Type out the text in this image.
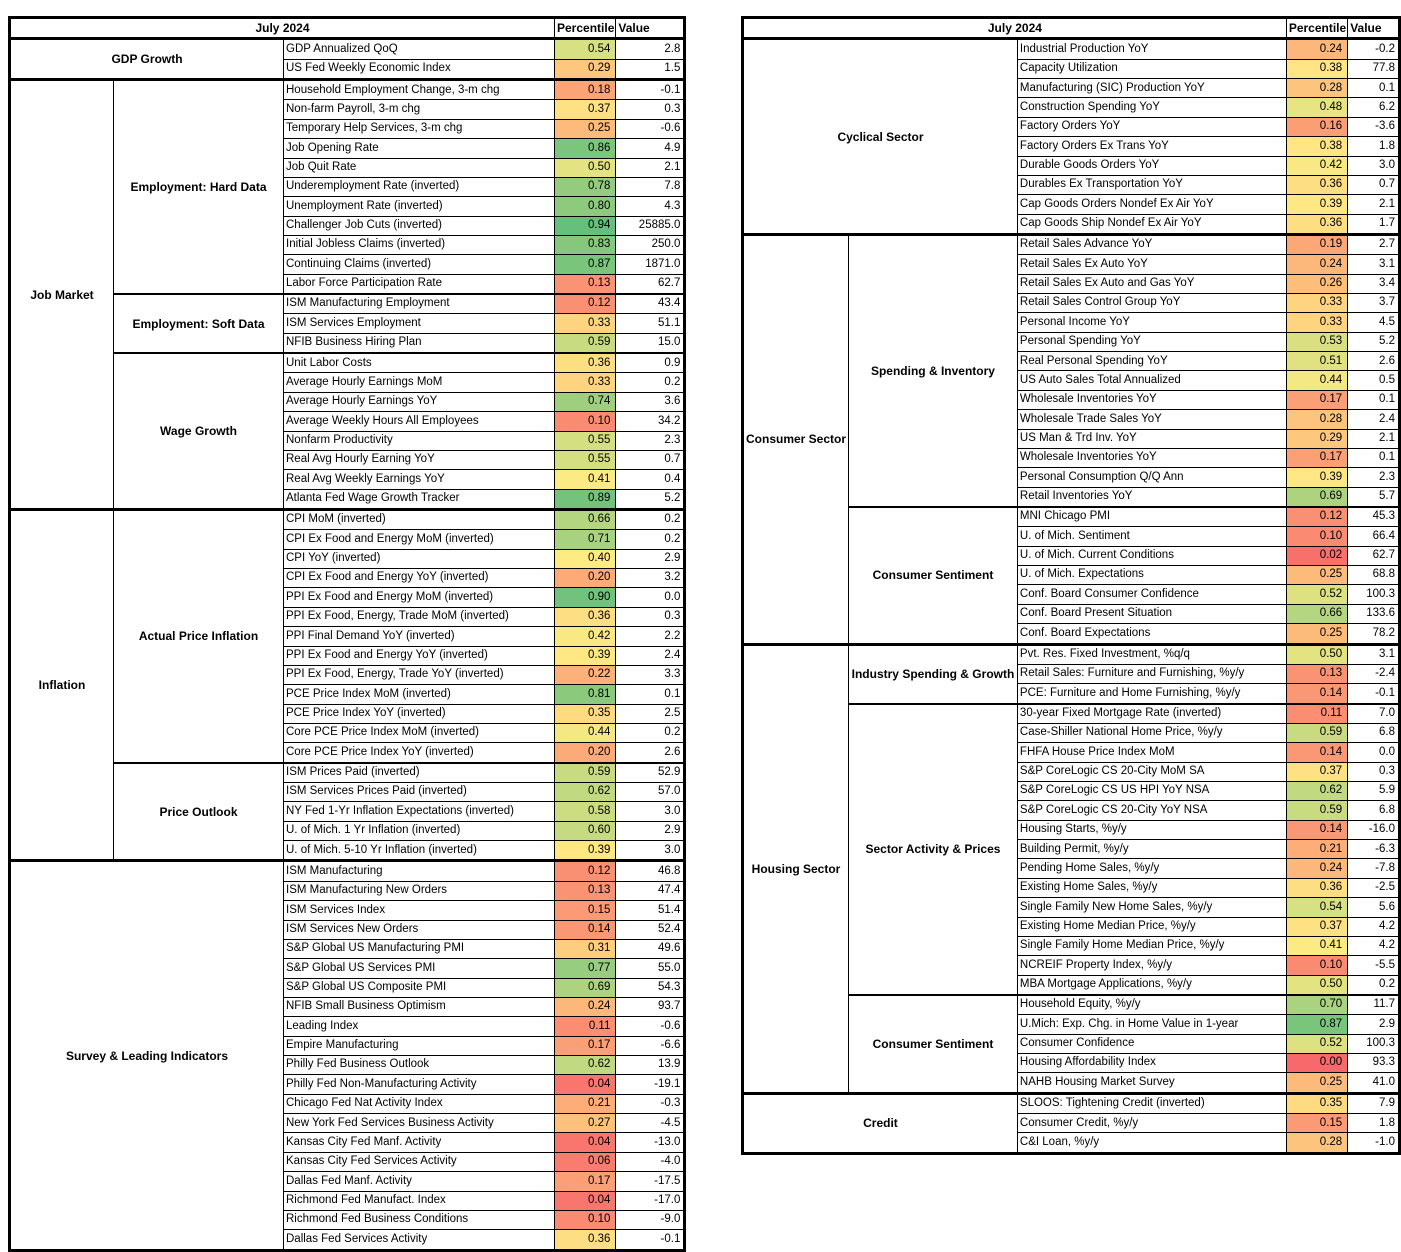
July 2024			Percentile	Value
GDP Growth		GDP Annualized QoQ	0.54	2.8
		US Fed Weekly Economic Index	0.29	1.5
Job Market	Employment: Hard Data	Household Employment Change, 3-m chg	0.18	-0.1
		Non-farm Payroll, 3-m chg	0.37	0.3
		Temporary Help Services, 3-m chg	0.25	-0.6
		Job Opening Rate	0.86	4.9
		Job Quit Rate	0.50	2.1
		Underemployment Rate (inverted)	0.78	7.8
		Unemployment Rate (inverted)	0.80	4.3
		Challenger Job Cuts (inverted)	0.94	25885.0
		Initial Jobless Claims (inverted)	0.83	250.0
		Continuing Claims (inverted)	0.87	1871.0
		Labor Force Participation Rate	0.13	62.7
	Employment: Soft Data	ISM Manufacturing Employment	0.12	43.4
		ISM Services Employment	0.33	51.1
		NFIB Business Hiring Plan	0.59	15.0
	Wage Growth	Unit Labor Costs	0.36	0.9
		Average Hourly Earnings MoM	0.33	0.2
		Average Hourly Earnings YoY	0.74	3.6
		Average Weekly Hours All Employees	0.10	34.2
		Nonfarm Productivity	0.55	2.3
		Real Avg Hourly Earning YoY	0.55	0.7
		Real Avg Weekly Earnings YoY	0.41	0.4
		Atlanta Fed Wage Growth Tracker	0.89	5.2
Inflation	Actual Price Inflation	CPI MoM (inverted)	0.66	0.2
		CPI Ex Food and Energy MoM (inverted)	0.71	0.2
		CPI YoY (inverted)	0.40	2.9
		CPI Ex Food and Energy YoY (inverted)	0.20	3.2
		PPI Ex Food and Energy MoM (inverted)	0.90	0.0
		PPI Ex Food, Energy, Trade MoM (inverted)	0.36	0.3
		PPI Final Demand YoY (inverted)	0.42	2.2
		PPI Ex Food and Energy YoY (inverted)	0.39	2.4
		PPI Ex Food, Energy, Trade YoY (inverted)	0.22	3.3
		PCE Price Index MoM (inverted)	0.81	0.1
		PCE Price Index YoY (inverted)	0.35	2.5
		Core PCE Price Index MoM (inverted)	0.44	0.2
		Core PCE Price Index YoY (inverted)	0.20	2.6
	Price Outlook	ISM Prices Paid (inverted)	0.59	52.9
		ISM Services Prices Paid (inverted)	0.62	57.0
		NY Fed 1-Yr Inflation Expectations (inverted)	0.58	3.0
		U. of Mich. 1 Yr Inflation (inverted)	0.60	2.9
		U. of Mich. 5-10 Yr Inflation (inverted)	0.39	3.0
Survey & Leading Indicators		ISM Manufacturing	0.12	46.8
		ISM Manufacturing New Orders	0.13	47.4
		ISM Services Index	0.15	51.4
		ISM Services New Orders	0.14	52.4
		S&P Global US Manufacturing PMI	0.31	49.6
		S&P Global US Services PMI	0.77	55.0
		S&P Global US Composite PMI	0.69	54.3
		NFIB Small Business Optimism	0.24	93.7
		Leading Index	0.11	-0.6
		Empire Manufacturing	0.17	-6.6
		Philly Fed Business Outlook	0.62	13.9
		Philly Fed Non-Manufacturing Activity	0.04	-19.1
		Chicago Fed Nat Activity Index	0.21	-0.3
		New York Fed Services Business Activity	0.27	-4.5
		Kansas City Fed Manf. Activity	0.04	-13.0
		Kansas City Fed Services Activity	0.06	-4.0
		Dallas Fed Manf. Activity	0.17	-17.5
		Richmond Fed Manufact. Index	0.04	-17.0
		Richmond Fed Business Conditions	0.10	-9.0
		Dallas Fed Services Activity	0.36	-0.1
July 2024			Percentile	Value
Cyclical Sector		Industrial Production YoY	0.24	-0.2
		Capacity Utilization	0.38	77.8
		Manufacturing (SIC) Production YoY	0.28	0.1
		Construction Spending YoY	0.48	6.2
		Factory Orders YoY	0.16	-3.6
		Factory Orders Ex Trans YoY	0.38	1.8
		Durable Goods Orders YoY	0.42	3.0
		Durables Ex Transportation YoY	0.36	0.7
		Cap Goods Orders Nondef Ex Air YoY	0.39	2.1
		Cap Goods Ship Nondef Ex Air YoY	0.36	1.7
Consumer Sector	Spending & Inventory	Retail Sales Advance YoY	0.19	2.7
		Retail Sales Ex Auto YoY	0.24	3.1
		Retail Sales Ex Auto and Gas YoY	0.26	3.4
		Retail Sales Control Group YoY	0.33	3.7
		Personal Income YoY	0.33	4.5
		Personal Spending YoY	0.53	5.2
		Real Personal Spending YoY	0.51	2.6
		US Auto Sales Total Annualized	0.44	0.5
		Wholesale Inventories YoY	0.17	0.1
		Wholesale Trade Sales YoY	0.28	2.4
		US Man & Trd Inv. YoY	0.29	2.1
		Wholesale Inventories YoY	0.17	0.1
		Personal Consumption Q/Q Ann	0.39	2.3
		Retail Inventories YoY	0.69	5.7
	Consumer Sentiment	MNI Chicago PMI	0.12	45.3
		U. of Mich. Sentiment	0.10	66.4
		U. of Mich. Current Conditions	0.02	62.7
		U. of Mich. Expectations	0.25	68.8
		Conf. Board Consumer Confidence	0.52	100.3
		Conf. Board Present Situation	0.66	133.6
		Conf. Board Expectations	0.25	78.2
Housing Sector	Industry Spending & Growth	Pvt. Res. Fixed Investment, %q/q	0.50	3.1
		Retail Sales: Furniture and Furnishing, %y/y	0.13	-2.4
		PCE: Furniture and Home Furnishing, %y/y	0.14	-0.1
	Sector Activity & Prices	30-year Fixed Mortgage Rate (inverted)	0.11	7.0
		Case-Shiller National Home Price, %y/y	0.59	6.8
		FHFA House Price Index MoM	0.14	0.0
		S&P CoreLogic CS 20-City MoM SA	0.37	0.3
		S&P CoreLogic CS US HPI YoY NSA	0.62	5.9
		S&P CoreLogic CS 20-City YoY NSA	0.59	6.8
		Housing Starts, %y/y	0.14	-16.0
		Building Permit, %y/y	0.21	-6.3
		Pending Home Sales, %y/y	0.24	-7.8
		Existing Home Sales, %y/y	0.36	-2.5
		Single Family New Home Sales, %y/y	0.54	5.6
		Existing Home Median Price, %y/y	0.37	4.2
		Single Family Home Median Price, %y/y	0.41	4.2
		NCREIF Property Index, %y/y	0.10	-5.5
		MBA Mortgage Applications, %y/y	0.50	0.2
	Consumer Sentiment	Household Equity, %y/y	0.70	11.7
		U.Mich: Exp. Chg. in Home Value in 1-year	0.87	2.9
		Consumer Confidence	0.52	100.3
		Housing Affordability Index	0.00	93.3
		NAHB Housing Market Survey	0.25	41.0
Credit		SLOOS: Tightening Credit (inverted)	0.35	7.9
		Consumer Credit, %y/y	0.15	1.8
		C&I Loan, %y/y	0.28	-1.0
